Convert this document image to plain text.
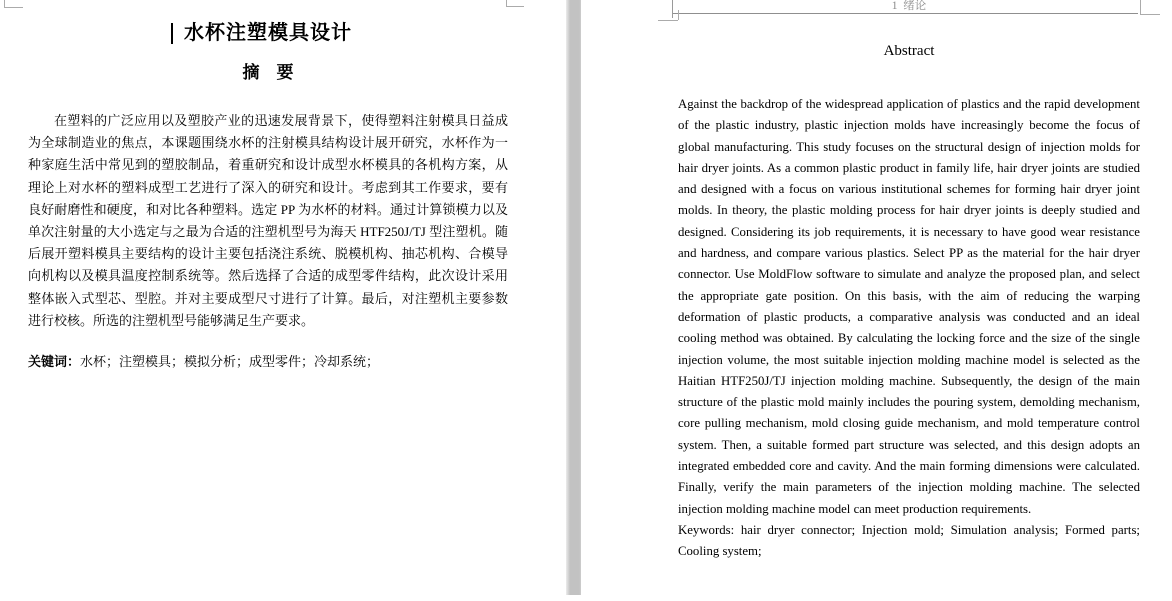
水杯注塑模具设计
摘　要

在塑料的广泛应用以及塑胶产业的迅速发展背景下，使得塑料注射模具日益成为全球制造业的焦点，本课题围绕水杯的注射模具结构设计展开研究，水杯作为一种家庭生活中常见到的塑胶制品，着重研究和设计成型水杯模具的各机构方案，从理论上对水杯的塑料成型工艺进行了深入的研究和设计。考虑到其工作要求，要有良好耐磨性和硬度，和对比各种塑料。选定 PP 为水杯的材料。通过计算锁模力以及单次注射量的大小选定与之最为合适的注塑机型号为海天 HTF250J/TJ 型注塑机。随后展开塑料模具主要结构的设计主要包括浇注系统、脱模机构、抽芯机构、合模导向机构以及模具温度控制系统等。然后选择了合适的成型零件结构，此次设计采用整体嵌入式型芯、型腔。并对主要成型尺寸进行了计算。最后，对注塑机主要参数进行校核。所选的注塑机型号能够满足生产要求。

关键词：水杯；注塑模具；模拟分析；成型零件；冷却系统；

1  绪论
Abstract

Against the backdrop of the widespread application of plastics and the rapid development of the plastic industry, plastic injection molds have increasingly become the focus of global manufacturing. This study focuses on the structural design of injection molds for hair dryer joints. As a common plastic product in family life, hair dryer joints are studied and designed with a focus on various institutional schemes for forming hair dryer joint molds. In theory, the plastic molding process for hair dryer joints is deeply studied and designed. Considering its job requirements, it is necessary to have good wear resistance and hardness, and compare various plastics. Select PP as the material for the hair dryer connector. Use MoldFlow software to simulate and analyze the proposed plan, and select the appropriate gate position. On this basis, with the aim of reducing the warping deformation of plastic products, a comparative analysis was conducted and an ideal cooling method was obtained. By calculating the locking force and the size of the single injection volume, the most suitable injection molding machine model is selected as the Haitian HTF250J/TJ injection molding machine. Subsequently, the design of the main structure of the plastic mold mainly includes the pouring system, demolding mechanism, core pulling mechanism, mold closing guide mechanism, and mold temperature control system. Then, a suitable formed part structure was selected, and this design adopts an integrated embedded core and cavity. And the main forming dimensions were calculated. Finally, verify the main parameters of the injection molding machine. The selected injection molding machine model can meet production requirements.

Keywords: hair dryer connector; Injection mold; Simulation analysis; Formed parts; Cooling system;
